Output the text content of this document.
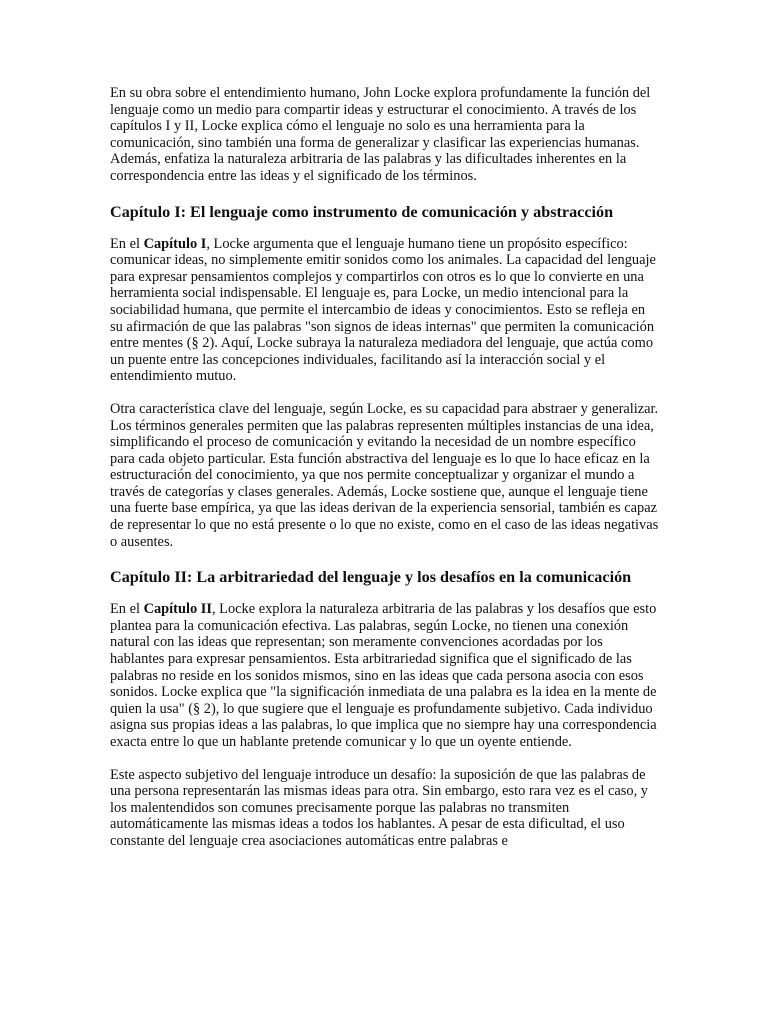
En su obra sobre el entendimiento humano, John Locke explora profundamente la función del lenguaje como un medio para compartir ideas y estructurar el conocimiento. A través de los capítulos I y II, Locke explica cómo el lenguaje no solo es una herramienta para la comunicación, sino también una forma de generalizar y clasificar las experiencias humanas. Además, enfatiza la naturaleza arbitraria de las palabras y las dificultades inherentes en la correspondencia entre las ideas y el significado de los términos.

Capítulo I: El lenguaje como instrumento de comunicación y abstracción

En el Capítulo I, Locke argumenta que el lenguaje humano tiene un propósito específico: comunicar ideas, no simplemente emitir sonidos como los animales. La capacidad del lenguaje para expresar pensamientos complejos y compartirlos con otros es lo que lo convierte en una herramienta social indispensable. El lenguaje es, para Locke, un medio intencional para la sociabilidad humana, que permite el intercambio de ideas y conocimientos. Esto se refleja en su afirmación de que las palabras "son signos de ideas internas" que permiten la comunicación entre mentes (§ 2). Aquí, Locke subraya la naturaleza mediadora del lenguaje, que actúa como un puente entre las concepciones individuales, facilitando así la interacción social y el entendimiento mutuo.

Otra característica clave del lenguaje, según Locke, es su capacidad para abstraer y generalizar. Los términos generales permiten que las palabras representen múltiples instancias de una idea, simplificando el proceso de comunicación y evitando la necesidad de un nombre específico para cada objeto particular. Esta función abstractiva del lenguaje es lo que lo hace eficaz en la estructuración del conocimiento, ya que nos permite conceptualizar y organizar el mundo a través de categorías y clases generales. Además, Locke sostiene que, aunque el lenguaje tiene una fuerte base empírica, ya que las ideas derivan de la experiencia sensorial, también es capaz de representar lo que no está presente o lo que no existe, como en el caso de las ideas negativas o ausentes.

Capítulo II: La arbitrariedad del lenguaje y los desafíos en la comunicación

En el Capítulo II, Locke explora la naturaleza arbitraria de las palabras y los desafíos que esto plantea para la comunicación efectiva. Las palabras, según Locke, no tienen una conexión natural con las ideas que representan; son meramente convenciones acordadas por los hablantes para expresar pensamientos. Esta arbitrariedad significa que el significado de las palabras no reside en los sonidos mismos, sino en las ideas que cada persona asocia con esos sonidos. Locke explica que "la significación inmediata de una palabra es la idea en la mente de quien la usa" (§ 2), lo que sugiere que el lenguaje es profundamente subjetivo. Cada individuo asigna sus propias ideas a las palabras, lo que implica que no siempre hay una correspondencia exacta entre lo que un hablante pretende comunicar y lo que un oyente entiende.

Este aspecto subjetivo del lenguaje introduce un desafío: la suposición de que las palabras de una persona representarán las mismas ideas para otra. Sin embargo, esto rara vez es el caso, y los malentendidos son comunes precisamente porque las palabras no transmiten automáticamente las mismas ideas a todos los hablantes. A pesar de esta dificultad, el uso constante del lenguaje crea asociaciones automáticas entre palabras e
